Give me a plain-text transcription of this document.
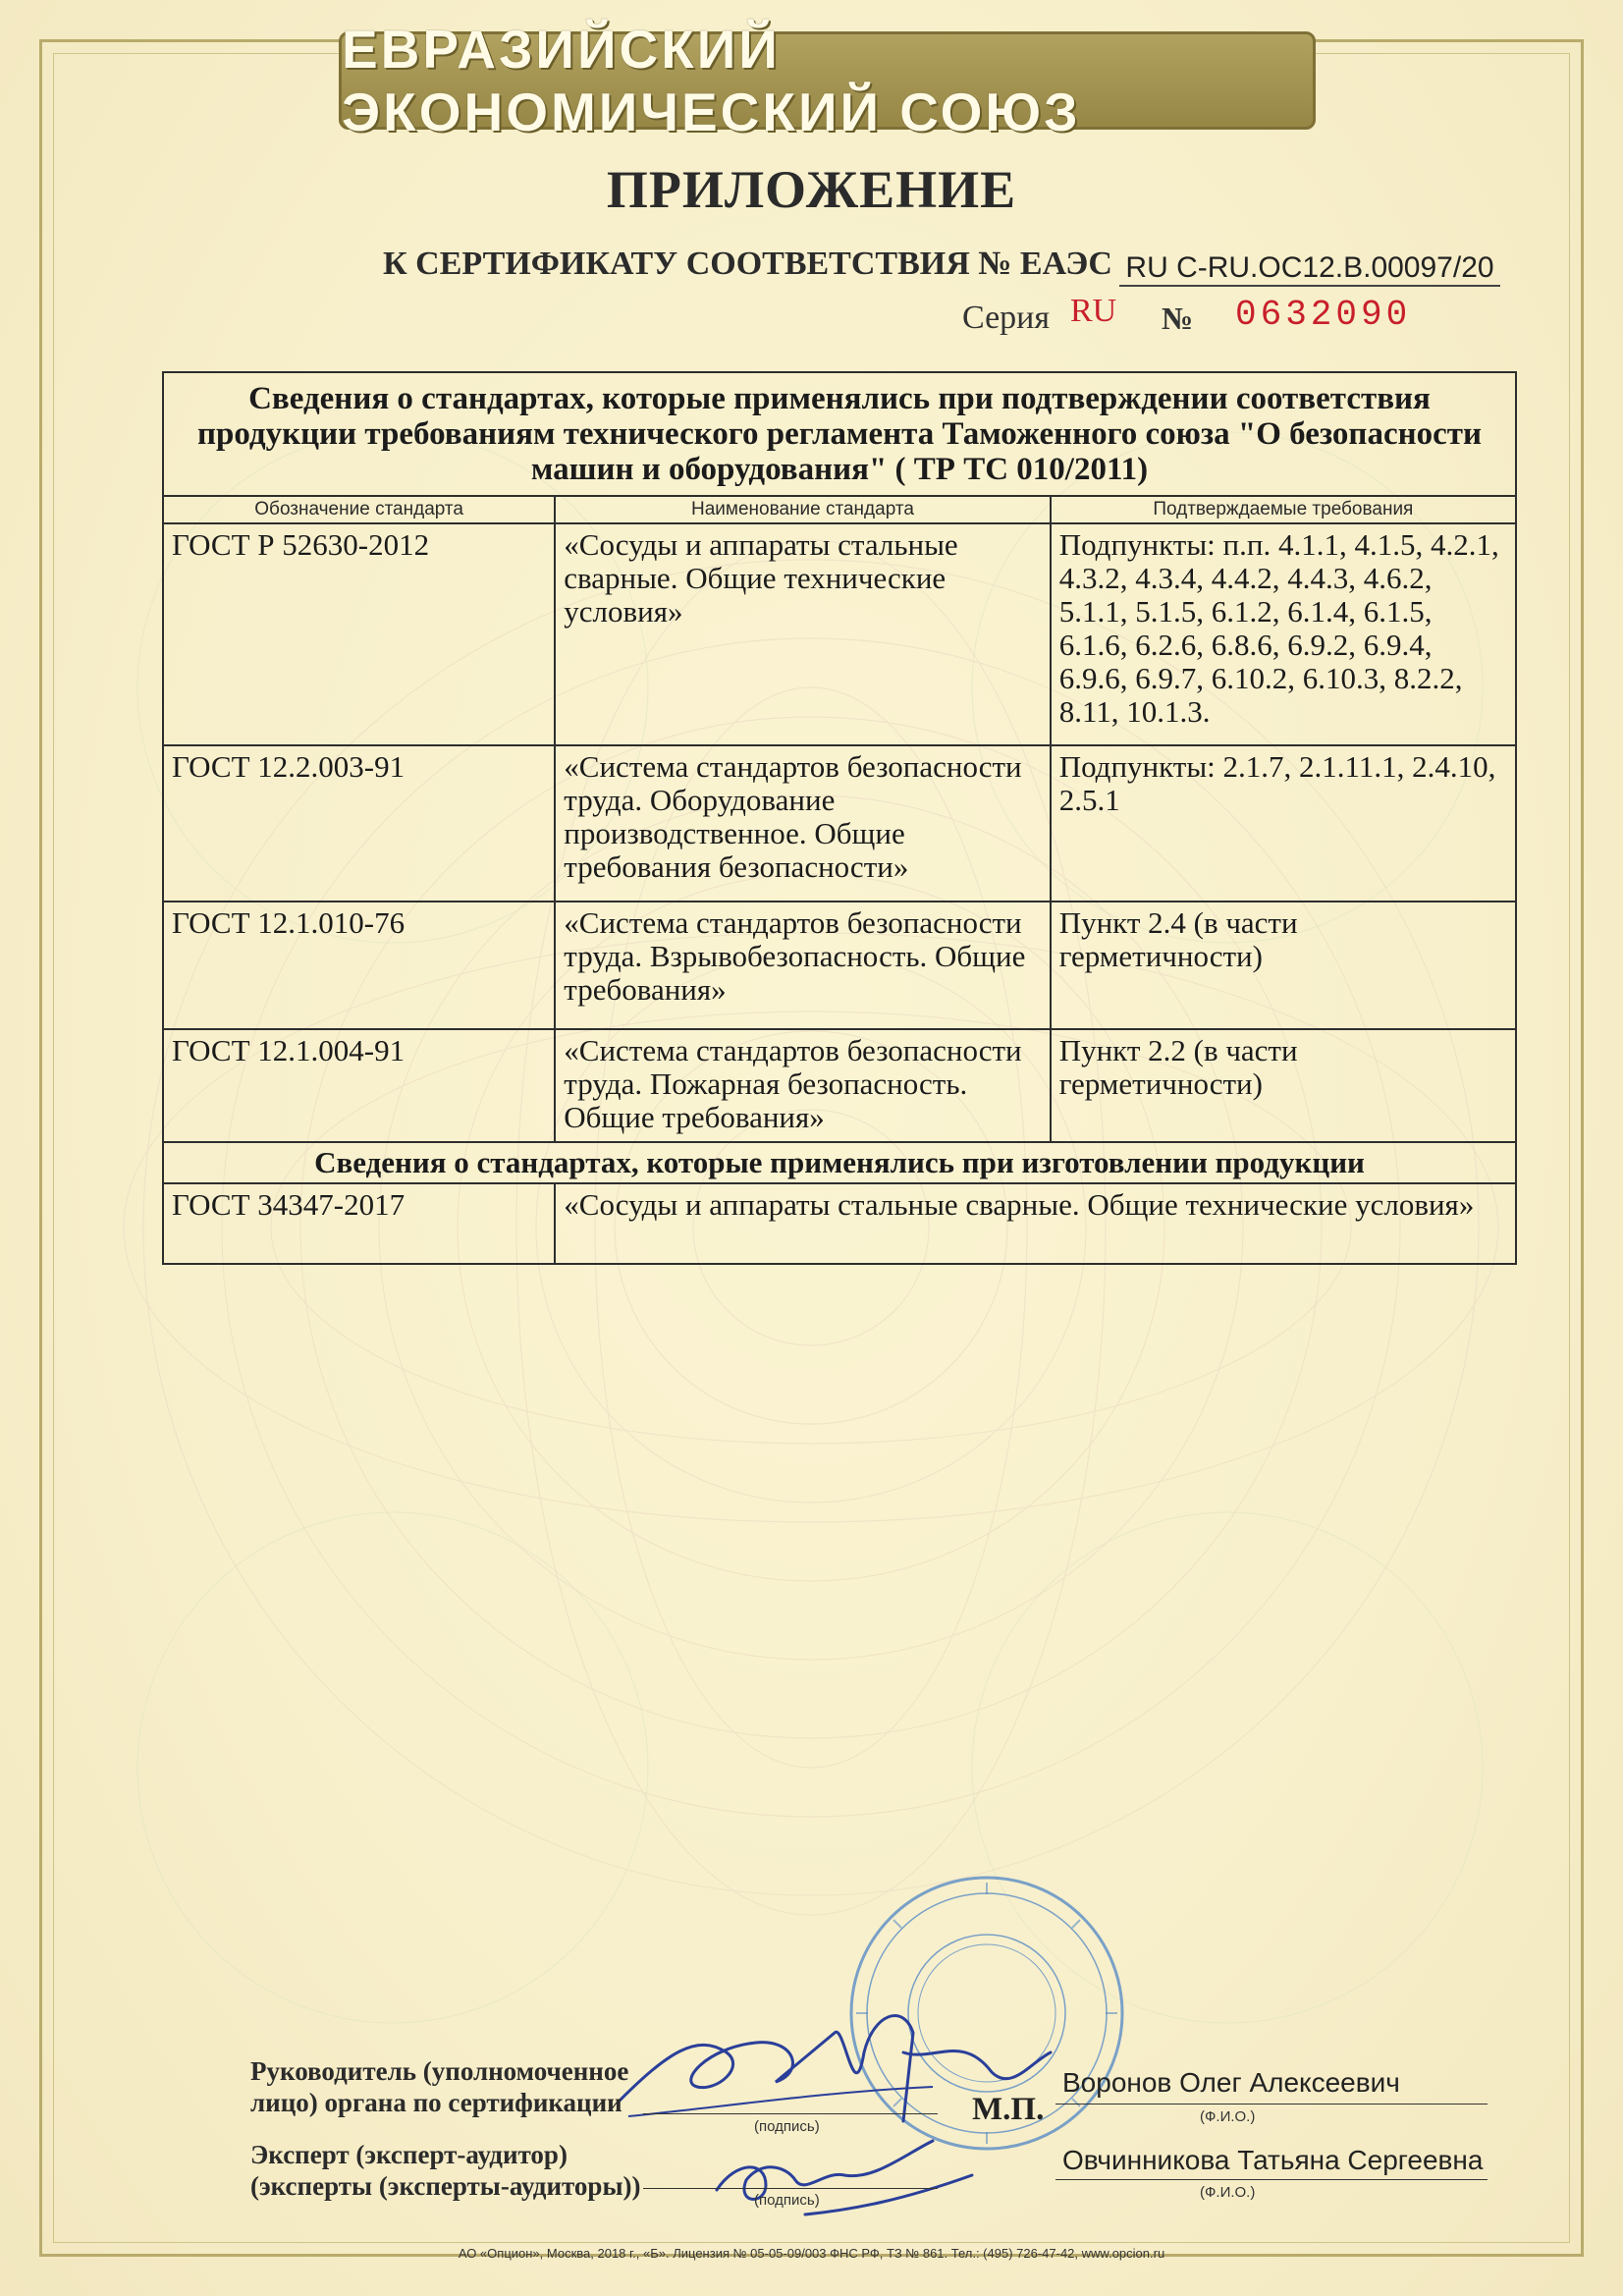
ЕВРАЗИЙСКИЙ ЭКОНОМИЧЕСКИЙ СОЮЗ
ПРИЛОЖЕНИЕ
К СЕРТИФИКАТУ СООТВЕТСТВИЯ № ЕАЭС RU C-RU.ОС12.В.00097/20
Серия RU № 0632090
Сведения о стандартах, которые применялись при подтверждении соответствия продукции требованиям технического регламента Таможенного союза "О безопасности машин и оборудования" ( ТР ТС 010/2011)		
Обозначение стандарта	Наименование стандарта	Подтверждаемые требования
ГОСТ Р 52630-2012	«Сосуды и аппараты стальные сварные. Общие технические условия»	Подпункты: п.п. 4.1.1, 4.1.5, 4.2.1, 4.3.2, 4.3.4, 4.4.2, 4.4.3, 4.6.2, 5.1.1, 5.1.5, 6.1.2, 6.1.4, 6.1.5, 6.1.6, 6.2.6, 6.8.6, 6.9.2, 6.9.4, 6.9.6, 6.9.7, 6.10.2, 6.10.3, 8.2.2, 8.11, 10.1.3.
ГОСТ 12.2.003-91	«Система стандартов безопасности труда. Оборудование производственное. Общие требования безопасности»	Подпункты: 2.1.7, 2.1.11.1, 2.4.10, 2.5.1
ГОСТ 12.1.010-76	«Система стандартов безопасности труда. Взрывобезопасность. Общие требования»	Пункт 2.4 (в части герметичности)
ГОСТ 12.1.004-91	«Система стандартов безопасности труда. Пожарная безопасность. Общие требования»	Пункт 2.2 (в части герметичности)
Сведения о стандартах, которые применялись при изготовлении продукции		
ГОСТ 34347-2017	«Сосуды и аппараты стальные сварные. Общие технические условия»	
Руководитель (уполномоченное лицо) органа по сертификации
(подпись)
Воронов Олег Алексеевич
(Ф.И.О.)
М.П.
Эксперт (эксперт-аудитор) (эксперты (эксперты-аудиторы))	(подпись)
Овчинникова Татьяна Сергеевна
(Ф.И.О.)
АО «Опцион», Москва, 2018 г., «Б». Лицензия № 05-05-09/003 ФНС РФ, ТЗ № 861. Тел.: (495) 726-47-42, www.opcion.ru
